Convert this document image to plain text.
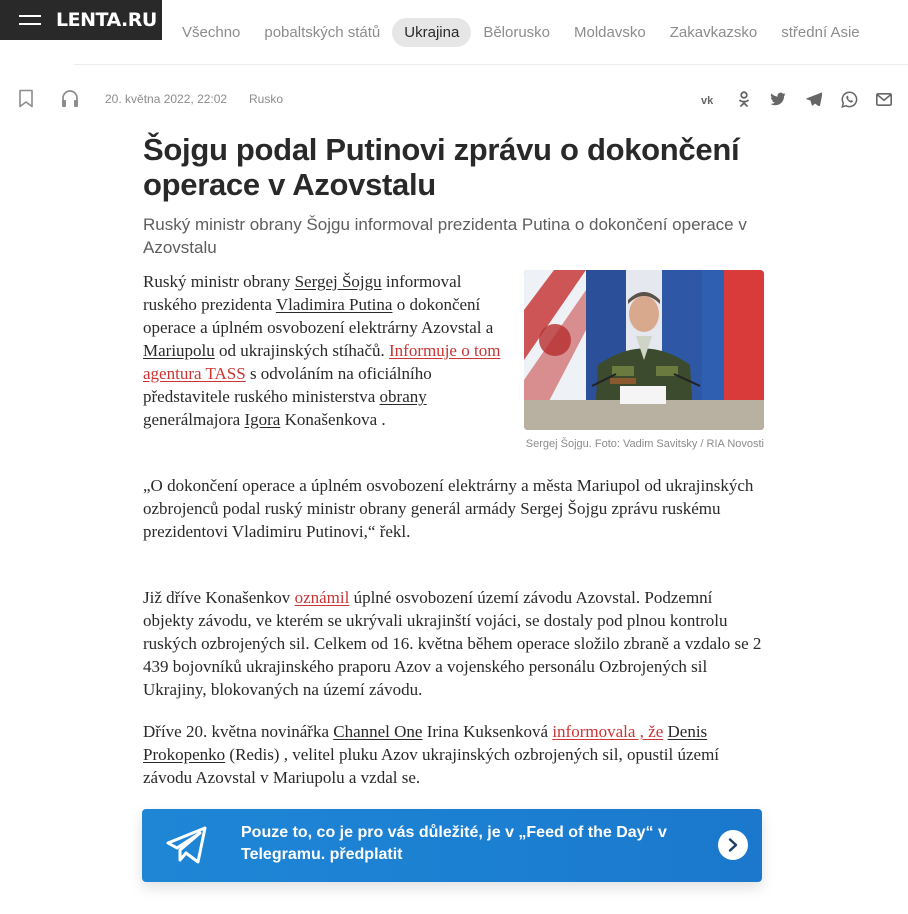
LENTA.RU
Všechno	pobaltských států	Ukrajina	Bělorusko	Moldavsko	Zakavkazsko	střední Asie
20. května 2022, 22:02 Rusko	vk
Šojgu podal Putinovi zprávu o dokončení operace v Azovstalu
Ruský ministr obrany Šojgu informoval prezidenta Putina o dokončení operace v Azovstalu
Ruský ministr obrany Sergej Šojgu informoval ruského prezidenta Vladimira Putina o dokončení operace a úplném osvobození elektrárny Azovstal a Mariupolu od ukrajinských stíhačů. Informuje o tom agentura TASS s odvoláním na oficiálního představitele ruského ministerstva obrany generálmajora Igora Konašenkova .
Sergej Šojgu. Foto: Vadim Savitsky / RIA Novosti
„O dokončení operace a úplném osvobození elektrárny a města Mariupol od ukrajinských ozbrojenců podal ruský ministr obrany generál armády Sergej Šojgu zprávu ruskému prezidentovi Vladimiru Putinovi,“ řekl.
Již dříve Konašenkov oznámil úplné osvobození území závodu Azovstal. Podzemní objekty závodu, ve kterém se ukrývali ukrajinští vojáci, se dostaly pod plnou kontrolu ruských ozbrojených sil. Celkem od 16. května během operace složilo zbraně a vzdalo se 2 439 bojovníků ukrajinského praporu Azov a vojenského personálu Ozbrojených sil Ukrajiny, blokovaných na území závodu.
Dříve 20. května novinářka Channel One Irina Kuksenková informovala , že Denis Prokopenko (Redis) , velitel pluku Azov ukrajinských ozbrojených sil, opustil území závodu Azovstal v Mariupolu a vzdal se.
Pouze to, co je pro vás důležité, je v „Feed of the Day“ v Telegramu. předplatit
